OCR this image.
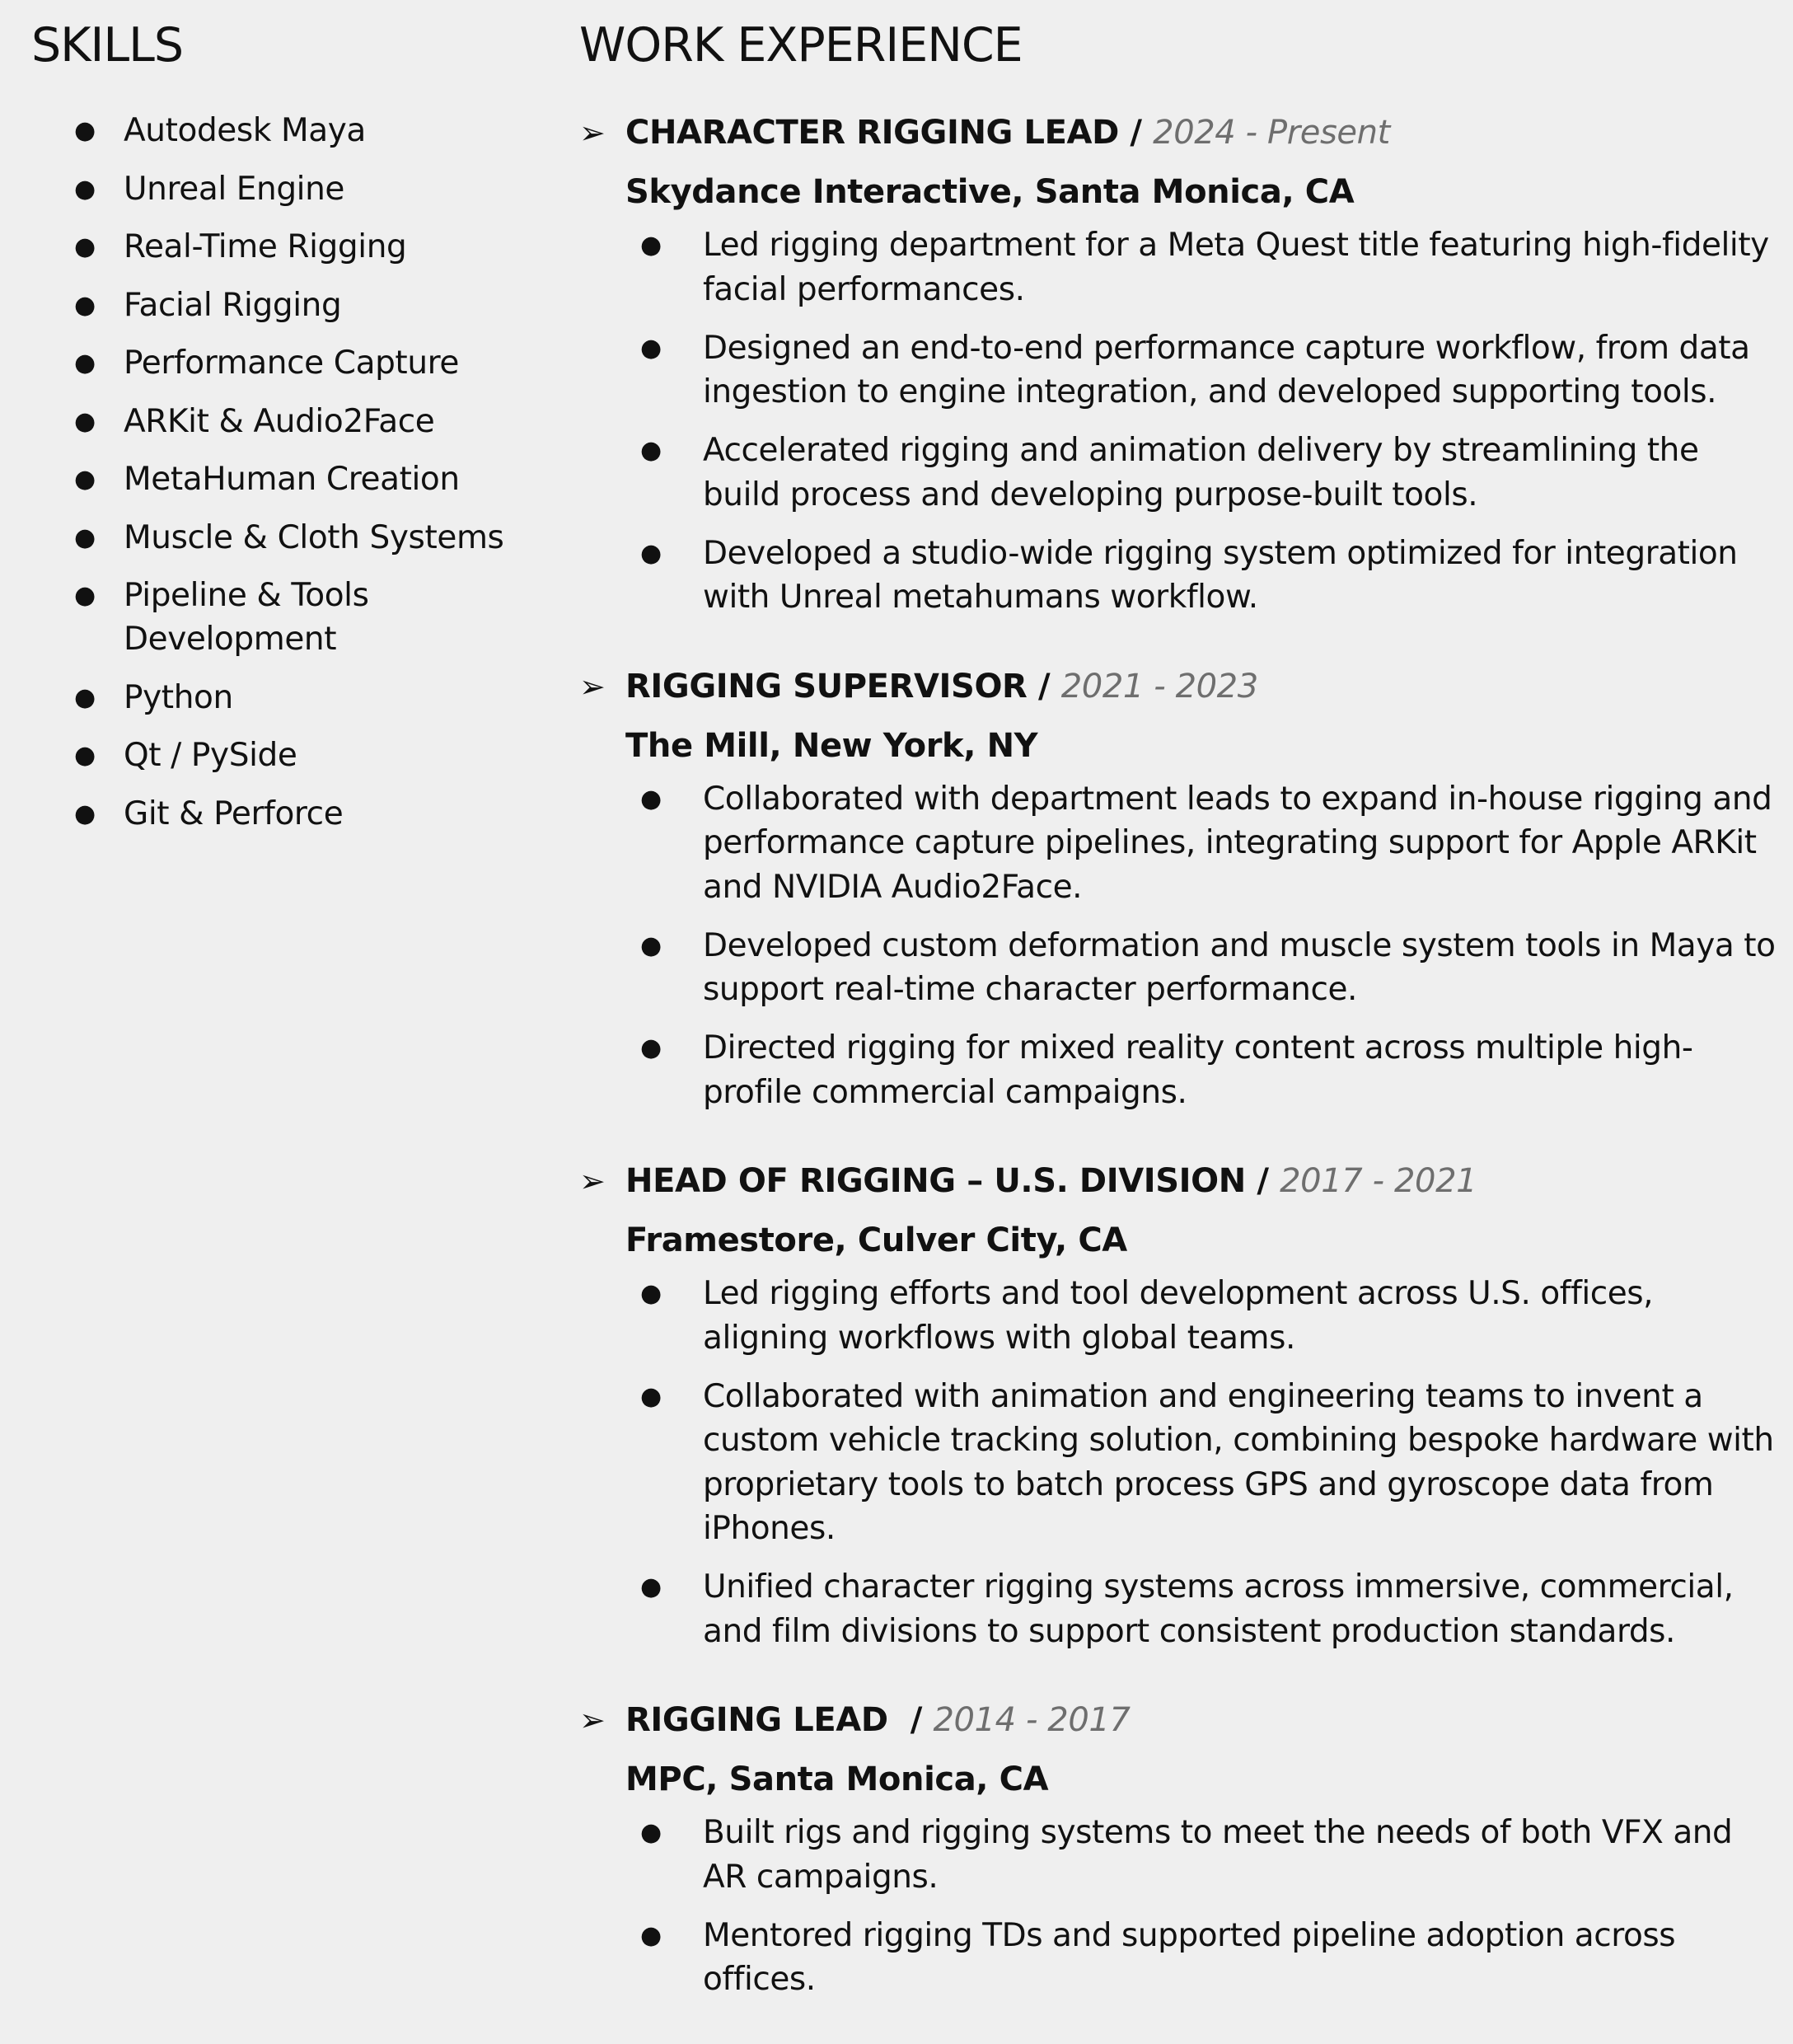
SKILLS	WORK EXPERIENCE
● Autodesk Maya
● Unreal Engine
● Real-Time Rigging
● Facial Rigging
● Performance Capture
● ARKit & Audio2Face
● MetaHuman Creation
● Muscle & Cloth Systems
● Pipeline & Tools Development
● Python
● Qt / PySide
● Git & Perforce
➢ CHARACTER RIGGING LEAD / 2024 - Present
Skydance Interactive, Santa Monica, CA
● Led rigging department for a Meta Quest title featuring high-fidelity facial performances.
● Designed an end-to-end performance capture workflow, from data ingestion to engine integration, and developed supporting tools.
● Accelerated rigging and animation delivery by streamlining the build process and developing purpose-built tools.
● Developed a studio-wide rigging system optimized for integration with Unreal metahumans workflow.
➢ RIGGING SUPERVISOR / 2021 - 2023
The Mill, New York, NY
● Collaborated with department leads to expand in-house rigging and performance capture pipelines, integrating support for Apple ARKit and NVIDIA Audio2Face.
● Developed custom deformation and muscle system tools in Maya to support real-time character performance.
● Directed rigging for mixed reality content across multiple high-profile commercial campaigns.
➢ HEAD OF RIGGING – U.S. DIVISION / 2017 - 2021
Framestore, Culver City, CA
● Led rigging efforts and tool development across U.S. offices, aligning workflows with global teams.
● Collaborated with animation and engineering teams to invent a custom vehicle tracking solution, combining bespoke hardware with proprietary tools to batch process GPS and gyroscope data from iPhones.
● Unified character rigging systems across immersive, commercial, and film divisions to support consistent production standards.
➢ RIGGING LEAD  / 2014 - 2017
MPC, Santa Monica, CA
● Built rigs and rigging systems to meet the needs of both VFX and AR campaigns.
● Mentored rigging TDs and supported pipeline adoption across offices.
